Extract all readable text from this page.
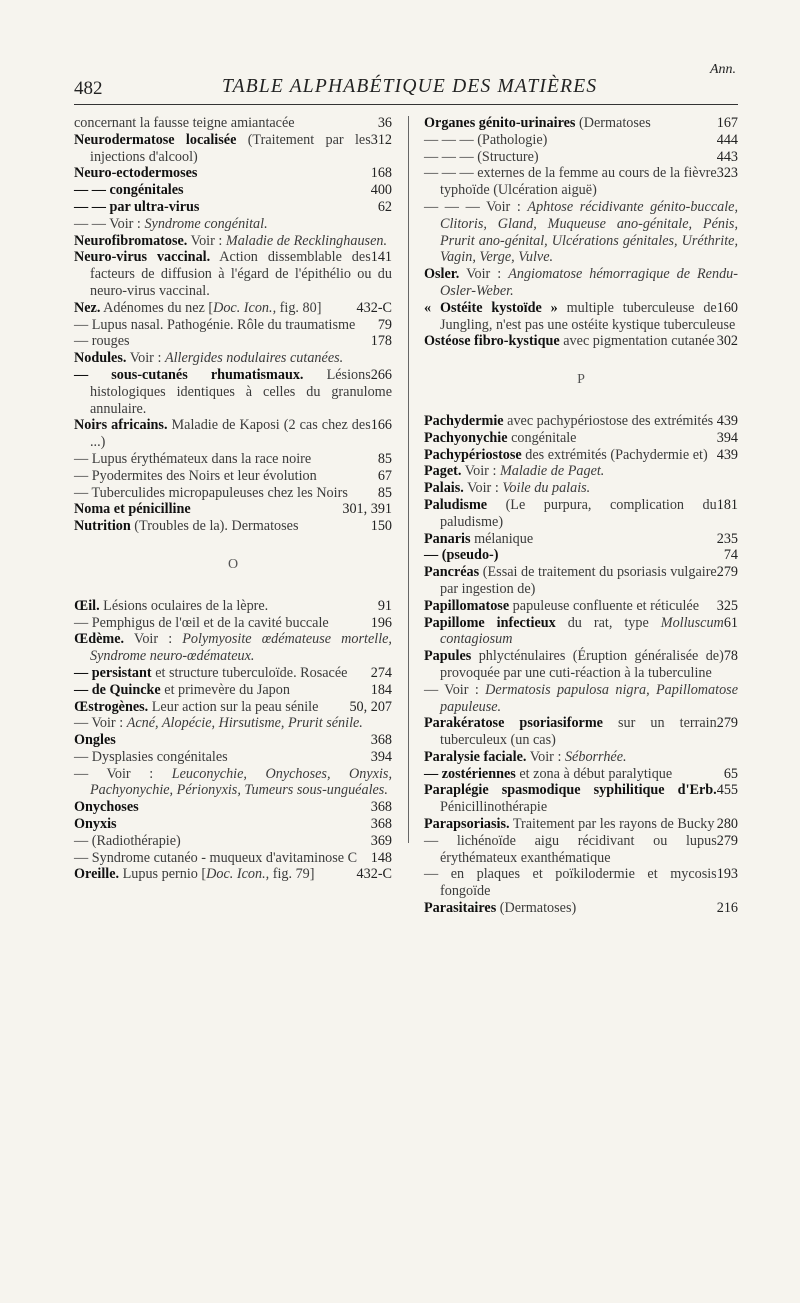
482	TABLE ALPHABÉTIQUE DES MATIÈRES
Ann.
36
concernant la fausse teigne amiantacée
312
Neurodermatose localisée (Traitement par les injections d'alcool)
168
Neuro-ectodermoses
400
— — congénitales
62
— — par ultra-virus
— — Voir : Syndrome congénital.
Neurofibromatose. Voir : Maladie de Recklinghausen.
141
Neuro-virus vaccinal. Action dissemblable des facteurs de diffusion à l'égard de l'épithélio ou du neuro-virus vaccinal.
432-C
Nez. Adénomes du nez [Doc. Icon., fig. 80]
79
— Lupus nasal. Pathogénie. Rôle du traumatisme
178
— rouges
Nodules. Voir : Allergides nodulaires cutanées.
266
— sous-cutanés rhumatismaux. Lésions histologiques identiques à celles du granulome annulaire.
166
Noirs africains. Maladie de Kaposi (2 cas chez des ...)
85
— Lupus érythémateux dans la race noire
67
— Pyodermites des Noirs et leur évolution
85
— Tuberculides micropapuleuses chez les Noirs
301, 391
Noma et pénicilline
150
Nutrition (Troubles de la). Dermatoses
O
91
Œil. Lésions oculaires de la lèpre.
196
— Pemphigus de l'œil et de la cavité buccale
Œdème. Voir : Polymyosite œdémateuse mortelle, Syndrome neuro-œdémateux.
274
— persistant et structure tuberculoïde. Rosacée
184
— de Quincke et primevère du Japon
50, 207
Œstrogènes. Leur action sur la peau sénile
— Voir : Acné, Alopécie, Hirsutisme, Prurit sénile.
368
Ongles
394
— Dysplasies congénitales
— Voir : Leuconychie, Onychoses, Onyxis, Pachyonychie, Périonyxis, Tumeurs sous-unguéales.
368
Onychoses
368
Onyxis
369
— (Radiothérapie)
148
— Syndrome cutanéo - muqueux d'avitaminose C
432-C
Oreille. Lupus pernio [Doc. Icon., fig. 79]
167
Organes génito-urinaires (Dermatoses
444
— — — (Pathologie)
443
— — — (Structure)
323
— — — externes de la femme au cours de la fièvre typhoïde (Ulcération aiguë)
— — — Voir : Aphtose récidivante génito-buccale, Clitoris, Gland, Muqueuse ano-génitale, Pénis, Prurit ano-génital, Ulcérations génitales, Uréthrite, Vagin, Verge, Vulve.
Osler. Voir : Angiomatose hémorragique de Rendu-Osler-Weber.
160
« Ostéite kystoïde » multiple tuberculeuse de Jungling, n'est pas une ostéite kystique tuberculeuse
302
Ostéose fibro-kystique avec pigmentation cutanée
P
439
Pachydermie avec pachypériostose des extrémités
394
Pachyonychie congénitale
439
Pachypériostose des extrémités (Pachydermie et)
Paget. Voir : Maladie de Paget.
Palais. Voir : Voile du palais.
181
Paludisme (Le purpura, complication du paludisme)
235
Panaris mélanique
74
— (pseudo-)
279
Pancréas (Essai de traitement du psoriasis vulgaire par ingestion de)
325
Papillomatose papuleuse confluente et réticulée
61
Papillome infectieux du rat, type Molluscum contagiosum
78
Papules phlycténulaires (Éruption généralisée de) provoquée par une cuti-réaction à la tuberculine
— Voir : Dermatosis papulosa nigra, Papillomatose papuleuse.
279
Parakératose psoriasiforme sur un terrain tuberculeux (un cas)
Paralysie faciale. Voir : Séborrhée.
65
— zostériennes et zona à début paralytique
455
Paraplégie spasmodique syphilitique d'Erb. Pénicillinothérapie
280
Parapsoriasis. Traitement par les rayons de Bucky
279
— lichénoïde aigu récidivant ou lupus érythémateux exanthématique
193
— en plaques et poïkilodermie et mycosis fongoïde
216
Parasitaires (Dermatoses)
